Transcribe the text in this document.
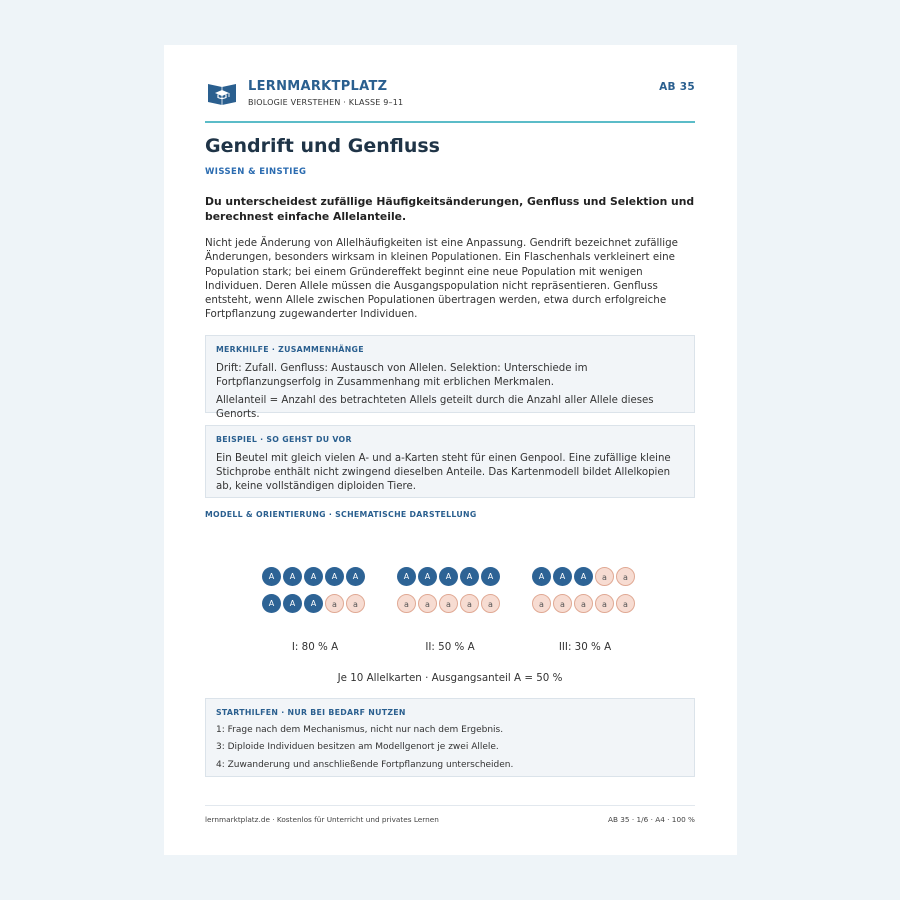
LERNMARKTPLATZ
BIOLOGIE VERSTEHEN · KLASSE 9–11
AB 35
Gendrift und Genfluss
WISSEN & EINSTIEG
Du unterscheidest zufällige Häufigkeitsänderungen, Genfluss und Selektion und berechnest einfache Allelanteile.
Nicht jede Änderung von Allelhäufigkeiten ist eine Anpassung. Gendrift bezeichnet zufällige Änderungen, besonders wirksam in kleinen Populationen. Ein Flaschenhals verkleinert eine Population stark; bei einem Gründereffekt beginnt eine neue Population mit wenigen Individuen. Deren Allele müssen die Ausgangspopulation nicht repräsentieren. Genfluss entsteht, wenn Allele zwischen Populationen übertragen werden, etwa durch erfolgreiche Fortpflanzung zugewanderter Individuen.
MERKHILFE · ZUSAMMENHÄNGE
Drift: Zufall. Genfluss: Austausch von Allelen. Selektion: Unterschiede im Fortpflanzungserfolg in Zusammenhang mit erblichen Merkmalen.
Allelanteil = Anzahl des betrachteten Allels geteilt durch die Anzahl aller Allele dieses Genorts.
BEISPIEL · SO GEHST DU VOR
Ein Beutel mit gleich vielen A- und a-Karten steht für einen Genpool. Eine zufällige kleine Stichprobe enthält nicht zwingend dieselben Anteile. Das Kartenmodell bildet Allelkopien ab, keine vollständigen diploiden Tiere.
MODELL & ORIENTIERUNG · SCHEMATISCHE DARSTELLUNG
A	A	A	A	A
A	A	A	a	a
A	A	A	A	A
a	a	a	a	a
A	A	A	a	a
a	a	a	a	a
I: 80 % A	II: 50 % A	III: 30 % A
Je 10 Allelkarten · Ausgangsanteil A = 50 %
STARTHILFEN · NUR BEI BEDARF NUTZEN
1: Frage nach dem Mechanismus, nicht nur nach dem Ergebnis.
3: Diploide Individuen besitzen am Modellgenort je zwei Allele.
4: Zuwanderung und anschließende Fortpflanzung unterscheiden.
lernmarktplatz.de · Kostenlos für Unterricht und privates Lernen	AB 35 · 1/6 · A4 · 100 %
